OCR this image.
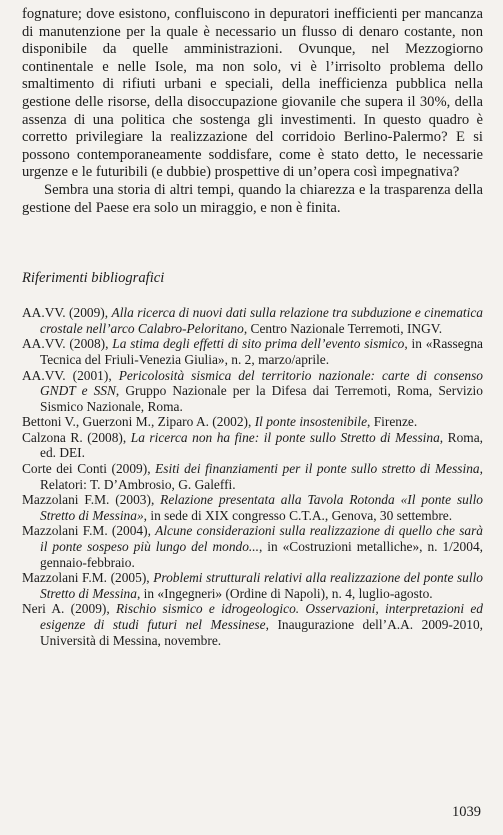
fognature; dove esistono, confluiscono in depuratori inefficienti per mancanza di manutenzione per la quale è necessario un flusso di denaro costante, non disponibile da quelle amministrazioni. Ovunque, nel Mezzogiorno continentale e nelle Isole, ma non solo, vi è l’irrisolto problema dello smaltimento di rifiuti urbani e speciali, della inefficienza pubblica nella gestione delle risorse, della disoccupazione giovanile che supera il 30%, della assenza di una politica che sostenga gli investimenti. In questo quadro è corretto privilegiare la realizzazione del corridoio Berlino-Palermo? E si possono contemporaneamente soddisfare, come è stato detto, le necessarie urgenze e le futuribili (e dubbie) prospettive di un’opera così impegnativa?

Sembra una storia di altri tempi, quando la chiarezza e la trasparenza della gestione del Paese era solo un miraggio, e non è finita.

Riferimenti bibliografici

AA.VV. (2009), Alla ricerca di nuovi dati sulla relazione tra subduzione e cinematica crostale nell’arco Calabro-Peloritano, Centro Nazionale Terremoti, INGV.

AA.VV. (2008), La stima degli effetti di sito prima dell’evento sismico, in «Rassegna Tecnica del Friuli-Venezia Giulia», n. 2, marzo/aprile.

AA.VV. (2001), Pericolosità sismica del territorio nazionale: carte di consenso GNDT e SSN, Gruppo Nazionale per la Difesa dai Terremoti, Roma, Servizio Sismico Nazionale, Roma.

Bettoni V., Guerzoni M., Ziparo A. (2002), Il ponte insostenibile, Firenze.

Calzona R. (2008), La ricerca non ha fine: il ponte sullo Stretto di Messina, Roma, ed. DEI.

Corte dei Conti (2009), Esiti dei finanziamenti per il ponte sullo stretto di Messina, Relatori: T. D’Ambrosio, G. Galeffi.

Mazzolani F.M. (2003), Relazione presentata alla Tavola Rotonda «Il ponte sullo Stretto di Messina», in sede di XIX congresso C.T.A., Genova, 30 settembre.

Mazzolani F.M. (2004), Alcune considerazioni sulla realizzazione di quello che sarà il ponte sospeso più lungo del mondo..., in «Costruzioni metalliche», n. 1/2004, gennaio-febbraio.

Mazzolani F.M. (2005), Problemi strutturali relativi alla realizzazione del ponte sullo Stretto di Messina, in «Ingegneri» (Ordine di Napoli), n. 4, luglio-agosto.

Neri A. (2009), Rischio sismico e idrogeologico. Osservazioni, interpretazioni ed esigenze di studi futuri nel Messinese, Inaugurazione dell’A.A. 2009-2010, Università di Messina, novembre.

1039
